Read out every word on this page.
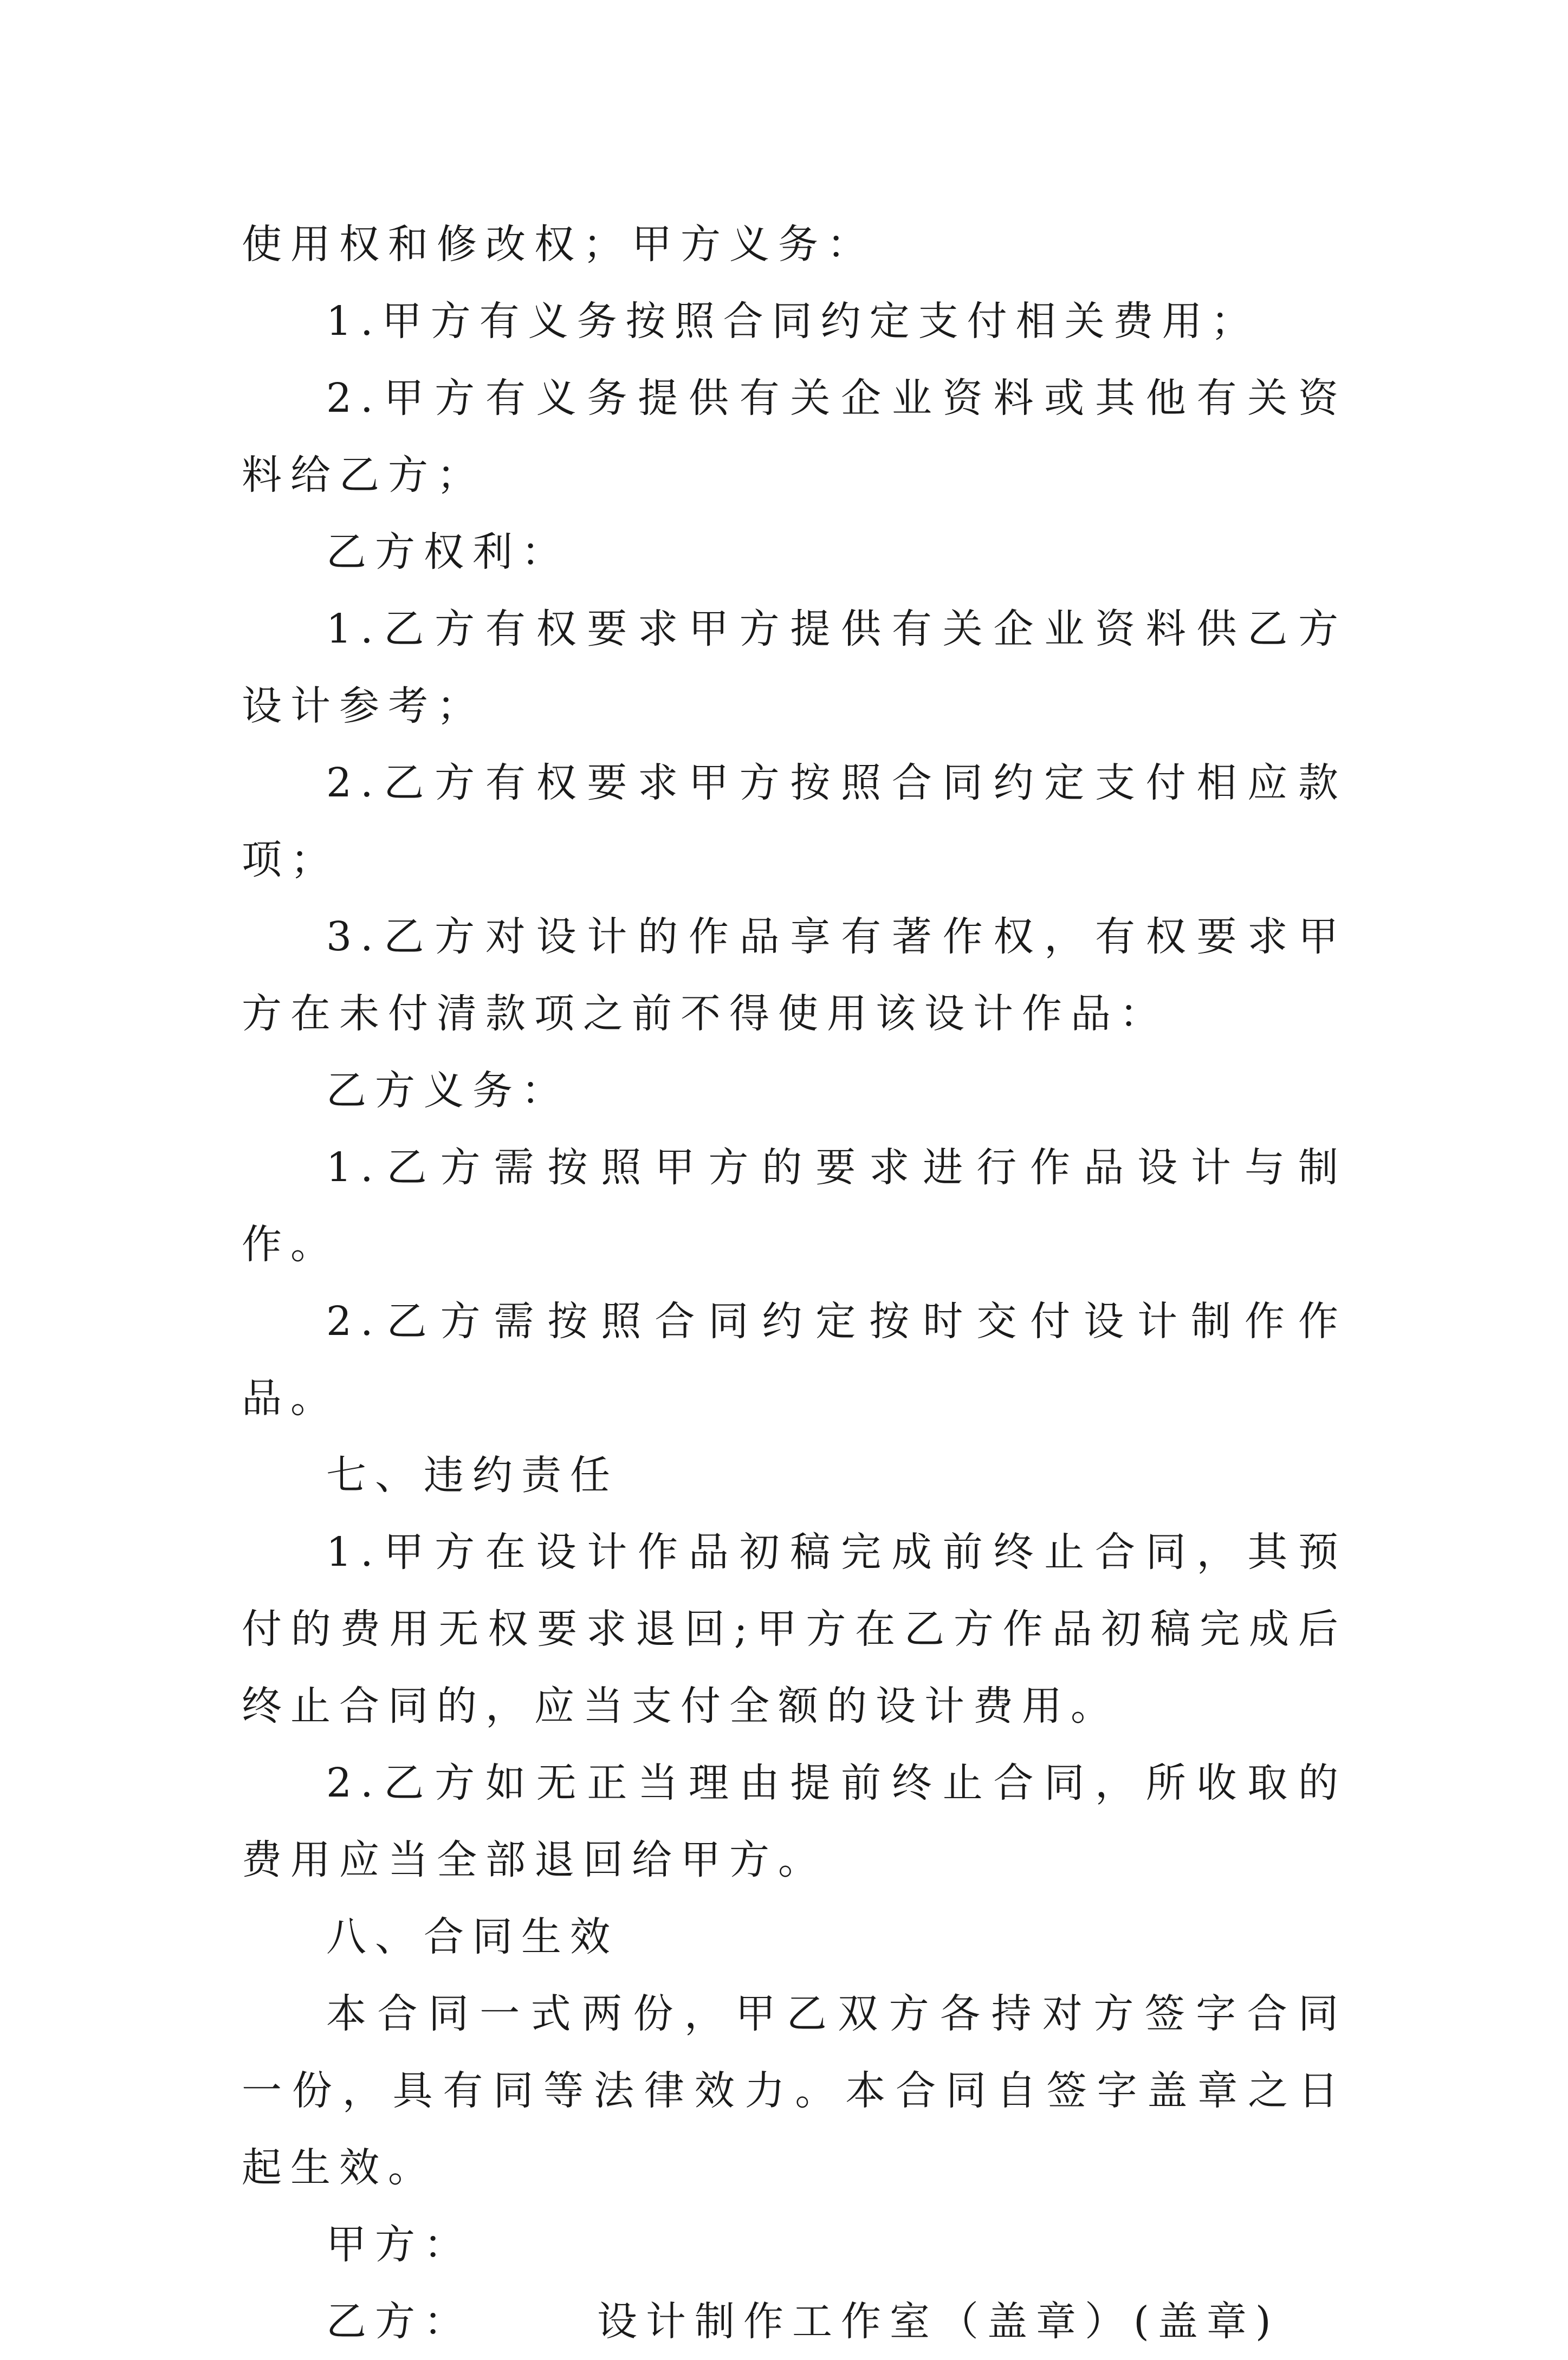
使用权和修改权；甲方义务：

1.甲方有义务按照合同约定支付相关费用；

2.甲方有义务提供有关企业资料或其他有关资料给乙方；

乙方权利：

1.乙方有权要求甲方提供有关企业资料供乙方设计参考；

2.乙方有权要求甲方按照合同约定支付相应款项；

3.乙方对设计的作品享有著作权，有权要求甲方在未付清款项之前不得使用该设计作品：

乙方义务：

1.乙方需按照甲方的要求进行作品设计与制作。

2.乙方需按照合同约定按时交付设计制作作品。

七、违约责任

1.甲方在设计作品初稿完成前终止合同，其预付的费用无权要求退回;甲方在乙方作品初稿完成后终止合同的，应当支付全额的设计费用。

2.乙方如无正当理由提前终止合同，所收取的费用应当全部退回给甲方。

八、合同生效

本合同一式两份，甲乙双方各持对方签字合同一份，具有同等法律效力。本合同自签字盖章之日起生效。

甲方：

乙方：	设计制作工作室（盖章）(盖章)
